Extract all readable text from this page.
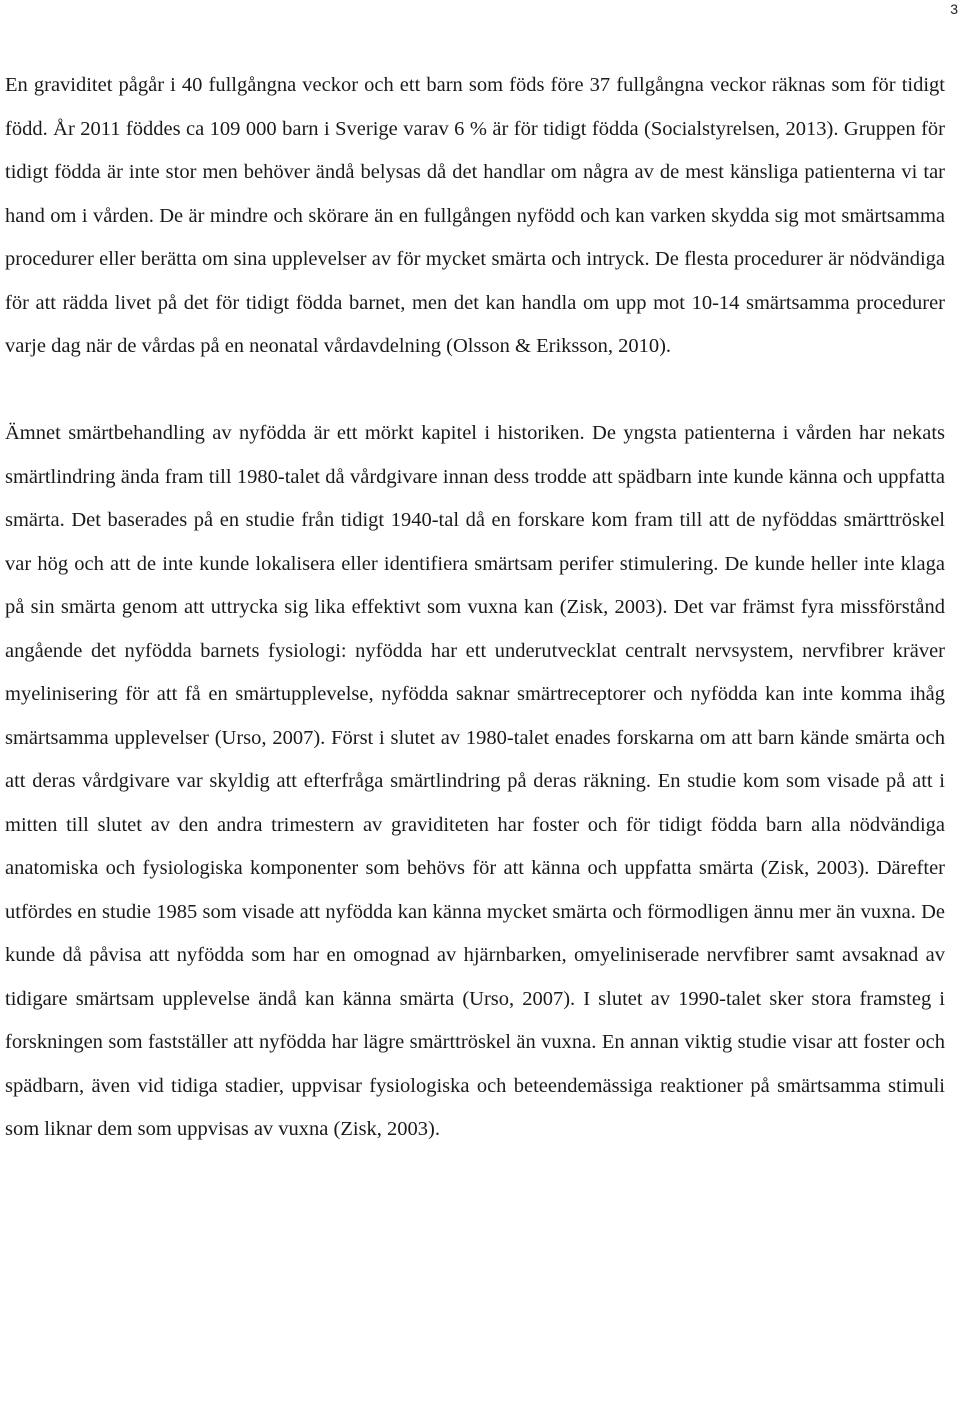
3

En graviditet pågår i 40 fullgångna veckor och ett barn som föds före 37 fullgångna veckor räknas som för tidigt född. År 2011 föddes ca 109 000 barn i Sverige varav 6 % är för tidigt födda (Socialstyrelsen, 2013). Gruppen för tidigt födda är inte stor men behöver ändå belysas då det handlar om några av de mest känsliga patienterna vi tar hand om i vården. De är mindre och skörare än en fullgången nyfödd och kan varken skydda sig mot smärtsamma procedurer eller berätta om sina upplevelser av för mycket smärta och intryck. De flesta procedurer är nödvändiga för att rädda livet på det för tidigt födda barnet, men det kan handla om upp mot 10-14 smärtsamma procedurer varje dag när de vårdas på en neonatal vårdavdelning (Olsson & Eriksson, 2010).

Ämnet smärtbehandling av nyfödda är ett mörkt kapitel i historiken. De yngsta patienterna i vården har nekats smärtlindring ända fram till 1980-talet då vårdgivare innan dess trodde att spädbarn inte kunde känna och uppfatta smärta. Det baserades på en studie från tidigt 1940-tal då en forskare kom fram till att de nyföddas smärttröskel var hög och att de inte kunde lokalisera eller identifiera smärtsam perifer stimulering. De kunde heller inte klaga på sin smärta genom att uttrycka sig lika effektivt som vuxna kan (Zisk, 2003). Det var främst fyra missförstånd angående det nyfödda barnets fysiologi: nyfödda har ett underutvecklat centralt nervsystem, nervfibrer kräver myelinisering för att få en smärtupplevelse, nyfödda saknar smärtreceptorer och nyfödda kan inte komma ihåg smärtsamma upplevelser (Urso, 2007). Först i slutet av 1980-talet enades forskarna om att barn kände smärta och att deras vårdgivare var skyldig att efterfråga smärtlindring på deras räkning. En studie kom som visade på att i mitten till slutet av den andra trimestern av graviditeten har foster och för tidigt födda barn alla nödvändiga anatomiska och fysiologiska komponenter som behövs för att känna och uppfatta smärta (Zisk, 2003). Därefter utfördes en studie 1985 som visade att nyfödda kan känna mycket smärta och förmodligen ännu mer än vuxna. De kunde då påvisa att nyfödda som har en omognad av hjärnbarken, omyeliniserade nervfibrer samt avsaknad av tidigare smärtsam upplevelse ändå kan känna smärta (Urso, 2007). I slutet av 1990-talet sker stora framsteg i forskningen som fastställer att nyfödda har lägre smärttröskel än vuxna. En annan viktig studie visar att foster och spädbarn, även vid tidiga stadier, uppvisar fysiologiska och beteendemässiga reaktioner på smärtsamma stimuli som liknar dem som uppvisas av vuxna (Zisk, 2003).
